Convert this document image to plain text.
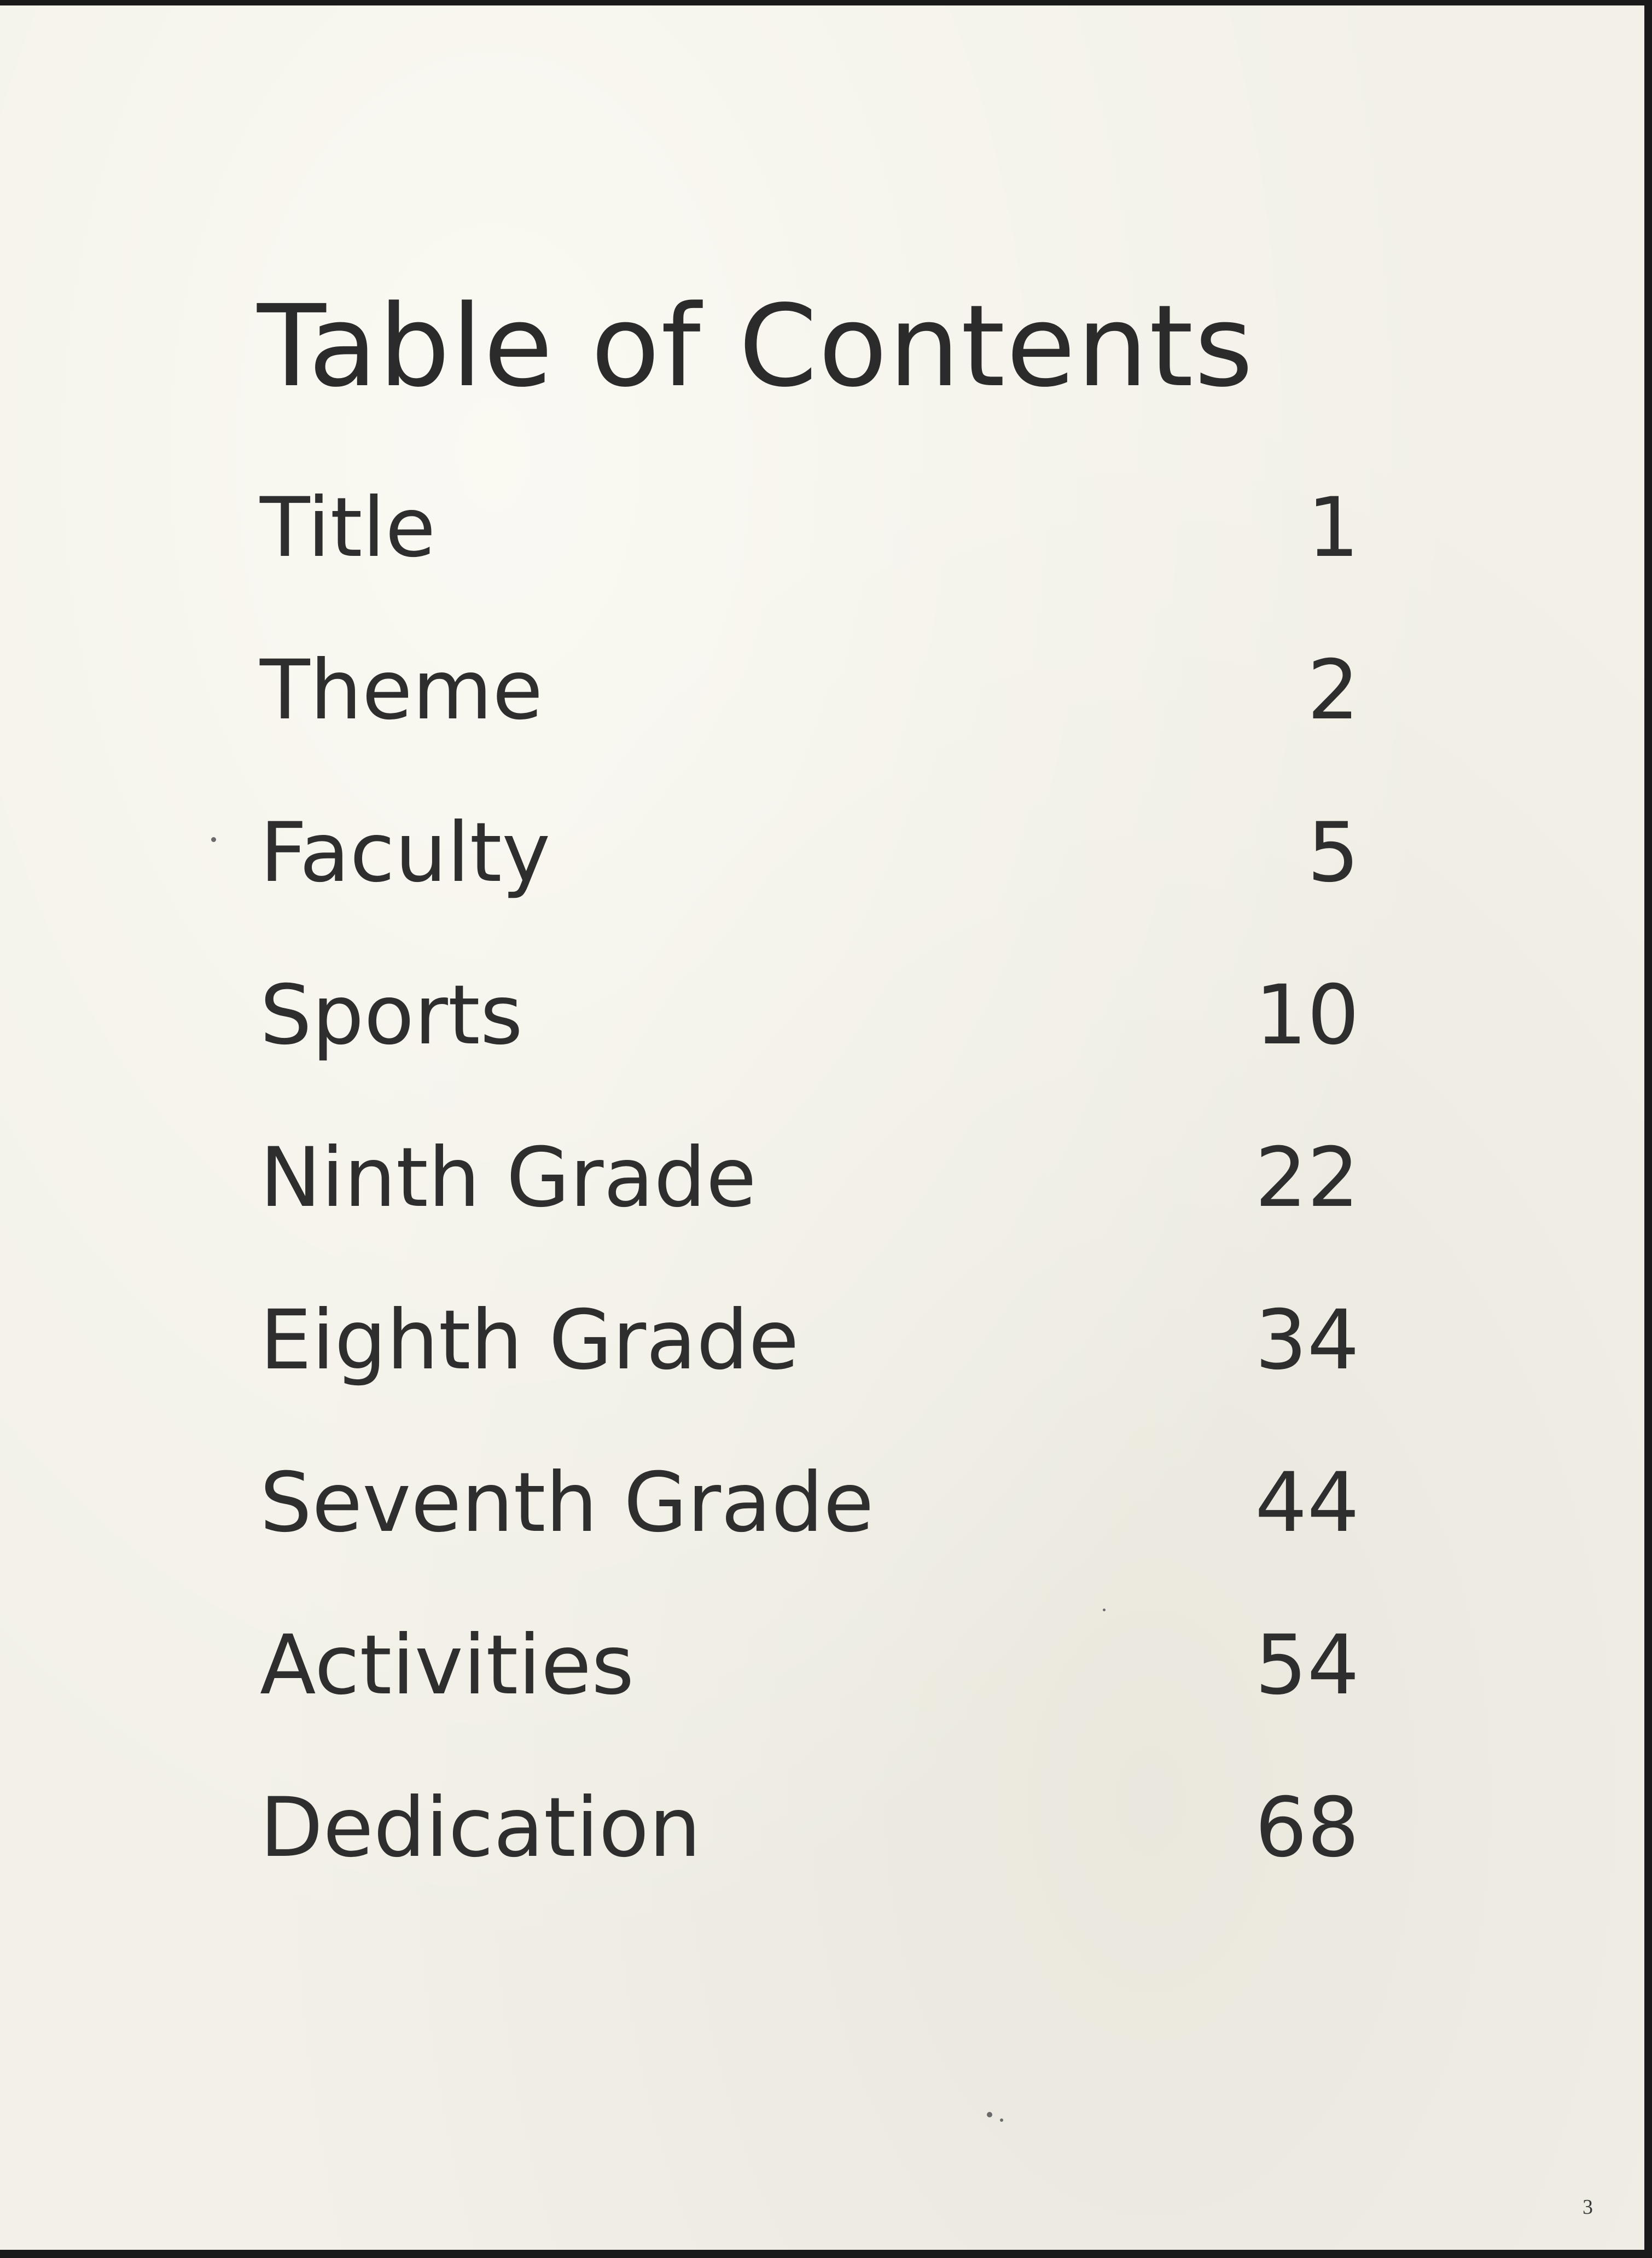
Table of Contents
Title	1
Theme	2
Faculty	5
Sports	10
Ninth Grade	22
Eighth Grade	34
Seventh Grade	44
Activities	54
Dedication	68
3
